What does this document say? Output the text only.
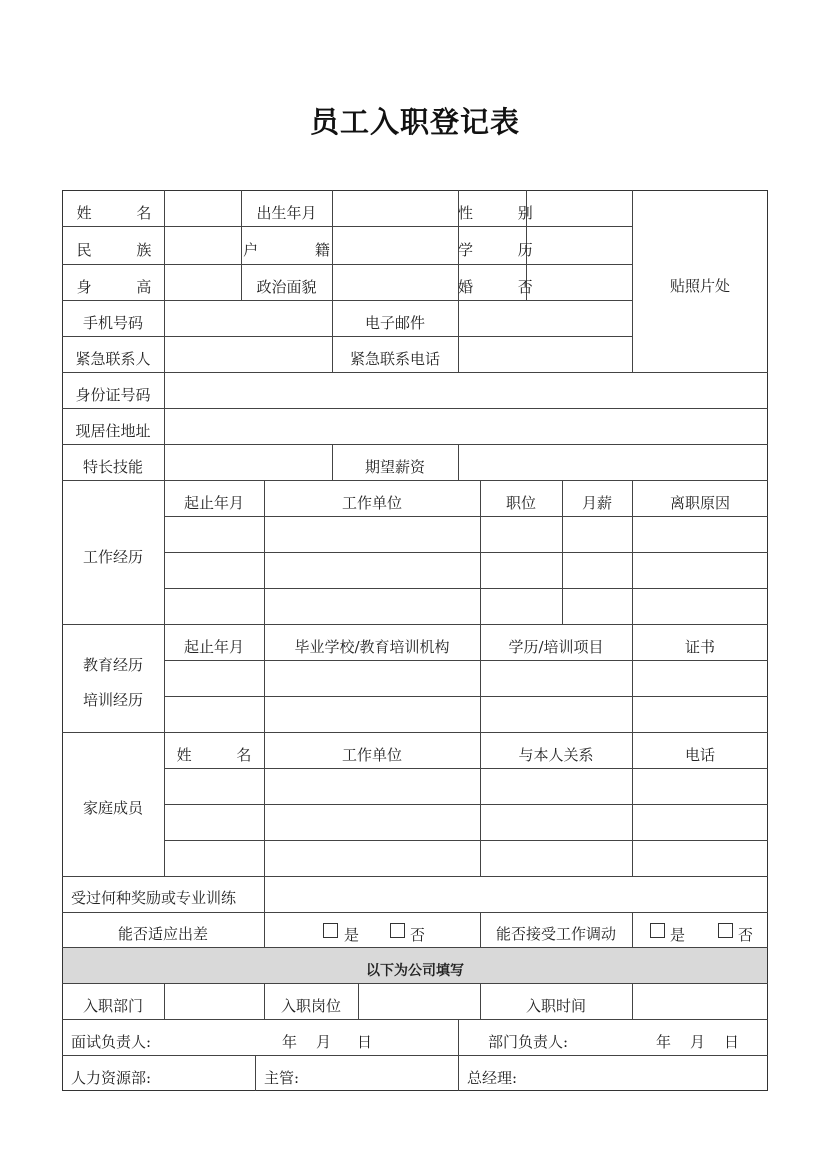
员工入职登记表
姓 名	出生年月	性 别
民 族	户 籍	学 历
身 高	政治面貌	婚 否	贴照片处
手机号码	电子邮件
紧急联系人	紧急联系电话
身份证号码
现居住地址
特长技能	期望薪资
工作经历
起止年月	工作单位	职位	月薪	离职原因
教育经历
培训经历
起止年月	毕业学校/教育培训机构	学历/培训项目	证书
家庭成员
姓 名	工作单位	与本人关系	电话
受过何种奖励或专业训练
能否适应出差	是	否	能否接受工作调动	是	否
以下为公司填写
入职部门	入职岗位	入职时间
面试负责人:	年 月 日	部门负责人:	年 月 日
人力资源部:	主管:	总经理:
